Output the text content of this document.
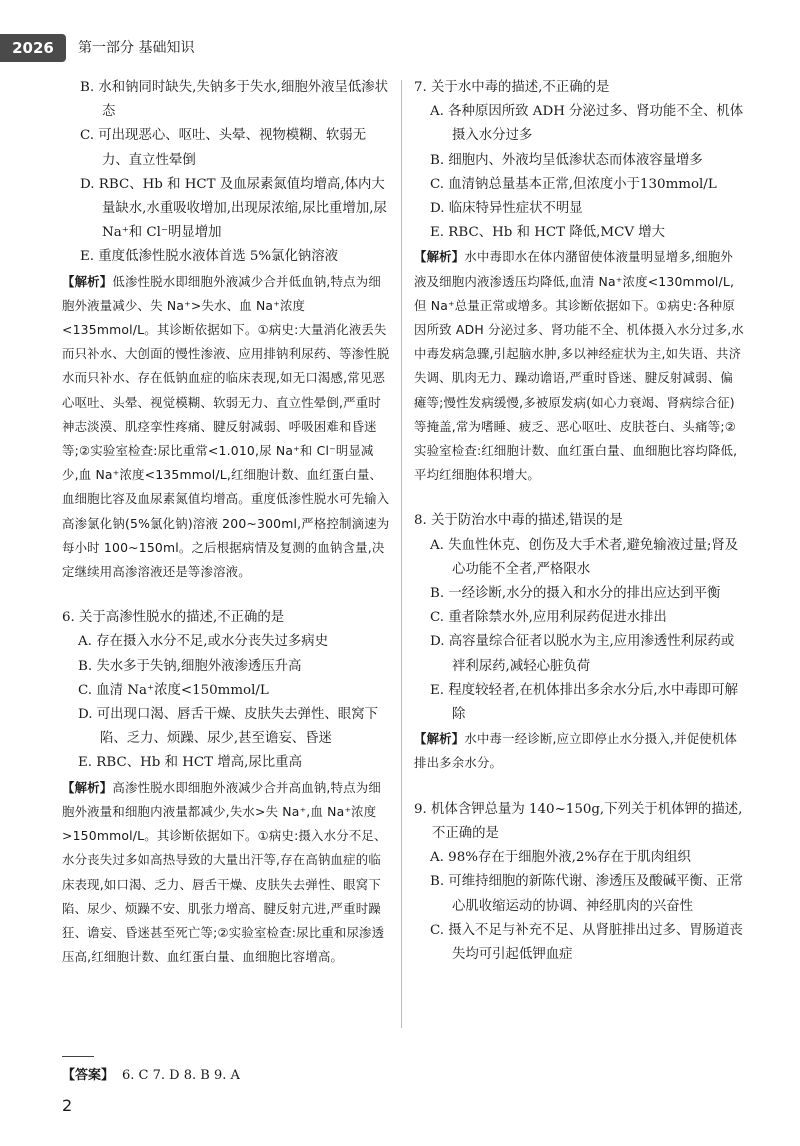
2026	第一部分 基础知识

B. 水和钠同时缺失,失钠多于失水,细胞外液呈低渗状态

C. 可出现恶心、呕吐、头晕、视物模糊、软弱无力、直立性晕倒

D. RBC、Hb 和 HCT 及血尿素氮值均增高,体内大量缺水,水重吸收增加,出现尿浓缩,尿比重增加,尿 Na⁺和 Cl⁻明显增加

E. 重度低渗性脱水液体首选 5%氯化钠溶液

【解析】低渗性脱水即细胞外液减少合并低血钠,特点为细胞外液量减少、失 Na⁺>失水、血 Na⁺浓度<135mmol/L。其诊断依据如下。①病史:大量消化液丢失而只补水、大创面的慢性渗液、应用排钠利尿药、等渗性脱水而只补水、存在低钠血症的临床表现,如无口渴感,常见恶心呕吐、头晕、视觉模糊、软弱无力、直立性晕倒,严重时神志淡漠、肌痉挛性疼痛、腱反射减弱、呼吸困难和昏迷等;②实验室检查:尿比重常<1.010,尿 Na⁺和 Cl⁻明显减少,血 Na⁺浓度<135mmol/L,红细胞计数、血红蛋白量、血细胞比容及血尿素氮值均增高。重度低渗性脱水可先输入高渗氯化钠(5%氯化钠)溶液 200~300ml,严格控制滴速为每小时 100~150ml。之后根据病情及复测的血钠含量,决定继续用高渗溶液还是等渗溶液。

6. 关于高渗性脱水的描述,不正确的是

A. 存在摄入水分不足,或水分丧失过多病史

B. 失水多于失钠,细胞外液渗透压升高

C. 血清 Na⁺浓度<150mmol/L

D. 可出现口渴、唇舌干燥、皮肤失去弹性、眼窝下陷、乏力、烦躁、尿少,甚至谵妄、昏迷

E. RBC、Hb 和 HCT 增高,尿比重高

【解析】高渗性脱水即细胞外液减少合并高血钠,特点为细胞外液量和细胞内液量都减少,失水>失 Na⁺,血 Na⁺浓度>150mmol/L。其诊断依据如下。①病史:摄入水分不足、水分丧失过多如高热导致的大量出汗等,存在高钠血症的临床表现,如口渴、乏力、唇舌干燥、皮肤失去弹性、眼窝下陷、尿少、烦躁不安、肌张力增高、腱反射亢进,严重时躁狂、谵妄、昏迷甚至死亡等;②实验室检查:尿比重和尿渗透压高,红细胞计数、血红蛋白量、血细胞比容增高。

7. 关于水中毒的描述,不正确的是

A. 各种原因所致 ADH 分泌过多、肾功能不全、机体摄入水分过多

B. 细胞内、外液均呈低渗状态而体液容量增多

C. 血清钠总量基本正常,但浓度小于130mmol/L

D. 临床特异性症状不明显

E. RBC、Hb 和 HCT 降低,MCV 增大

【解析】水中毒即水在体内潴留使体液量明显增多,细胞外液及细胞内液渗透压均降低,血清 Na⁺浓度<130mmol/L,但 Na⁺总量正常或增多。其诊断依据如下。①病史:各种原因所致 ADH 分泌过多、肾功能不全、机体摄入水分过多,水中毒发病急骤,引起脑水肿,多以神经症状为主,如失语、共济失调、肌肉无力、躁动谵语,严重时昏迷、腱反射减弱、偏瘫等;慢性发病缓慢,多被原发病(如心力衰竭、肾病综合征)等掩盖,常为嗜睡、疲乏、恶心呕吐、皮肤苍白、头痛等;②实验室检查:红细胞计数、血红蛋白量、血细胞比容均降低,平均红细胞体积增大。

8. 关于防治水中毒的描述,错误的是

A. 失血性休克、创伤及大手术者,避免输液过量;肾及心功能不全者,严格限水

B. 一经诊断,水分的摄入和水分的排出应达到平衡

C. 重者除禁水外,应用利尿药促进水排出

D. 高容量综合征者以脱水为主,应用渗透性利尿药或袢利尿药,减轻心脏负荷

E. 程度较轻者,在机体排出多余水分后,水中毒即可解除

【解析】水中毒一经诊断,应立即停止水分摄入,并促使机体排出多余水分。

9. 机体含钾总量为 140~150g,下列关于机体钾的描述,不正确的是

A. 98%存在于细胞外液,2%存在于肌肉组织

B. 可维持细胞的新陈代谢、渗透压及酸碱平衡、正常心肌收缩运动的协调、神经肌肉的兴奋性

C. 摄入不足与补充不足、从肾脏排出过多、胃肠道丧失均可引起低钾血症

【答案】 6. C 7. D 8. B 9. A
2
